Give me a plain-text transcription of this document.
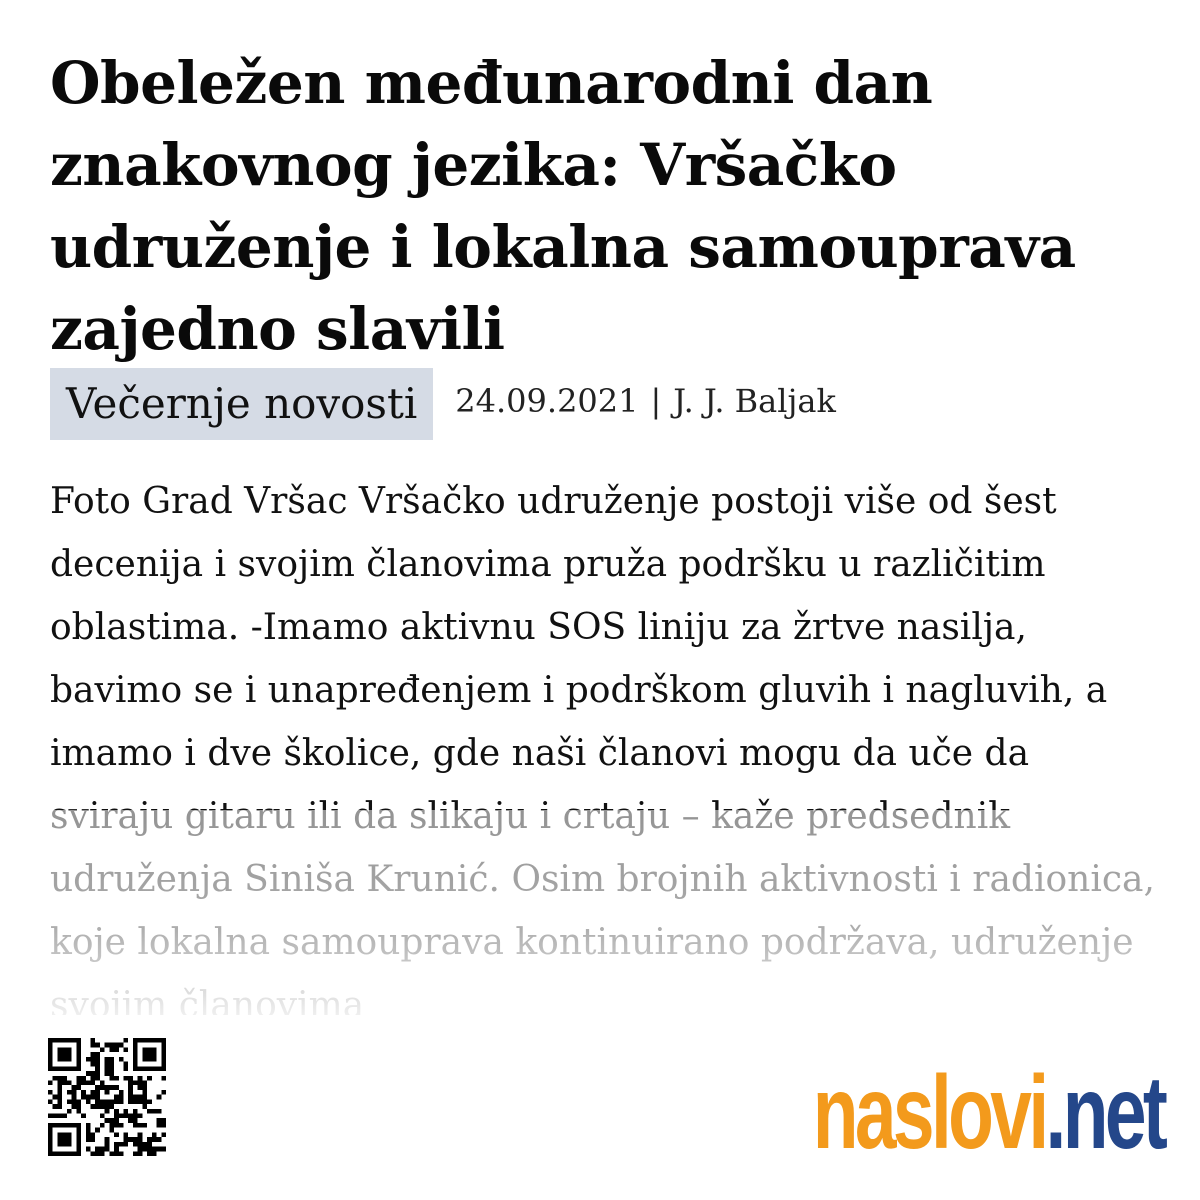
Obeležen međunarodni dan znakovnog jezika: Vršačko udruženje i lokalna samouprava zajedno slavili
Večernje novosti	24.09.2021 | J. J. Baljak

Foto Grad Vršac Vršačko udruženje postoji više od šest decenija i svojim članovima pruža podršku u različitim oblastima. -Imamo aktivnu SOS liniju za žrtve nasilja, bavimo se i unapređenjem i podrškom gluvih i nagluvih, a imamo i dve školice, gde naši članovi mogu da uče da

naslovi.net
